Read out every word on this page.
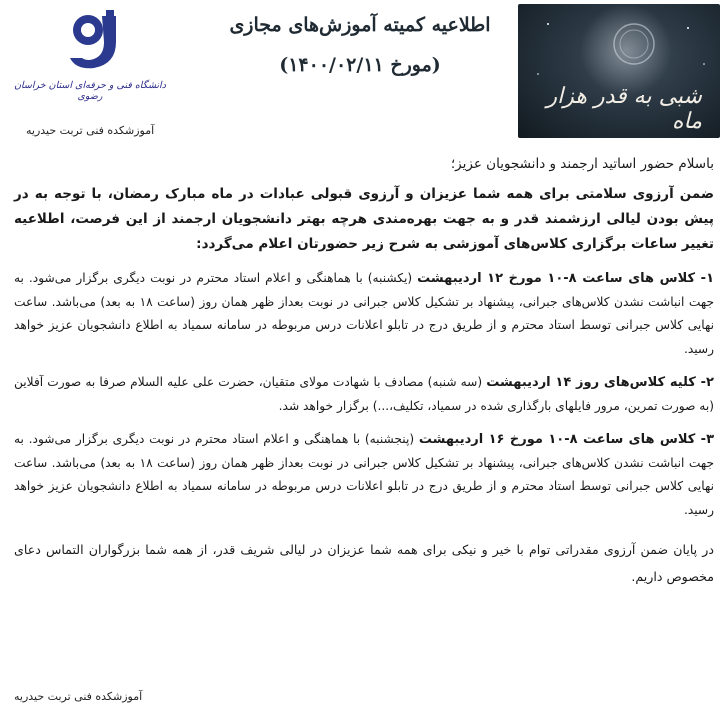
دانشگاه فنی و حرفه‌ای استان خراسان رضوی
آموزشکده فنی تربت حیدریه
اطلاعیه کمیته آموزش‌های مجازی
(مورخ ۱۴۰۰/۰۲/۱۱)
شبی به قدر هزار ماه

باسلام حضور اساتید ارجمند و دانشجویان عزیز؛

ضمن آرزوی سلامتی برای همه شما عزیزان و آرزوی قبولی عبادات در ماه مبارک رمضان، با توجه به در پیش بودن لیالی ارزشمند قدر و به جهت بهره‌مندی هرچه بهتر دانشجویان ارجمند از این فرصت، اطلاعیه تغییر ساعات برگزاری کلاس‌های آموزشی به شرح زیر حضورتان اعلام می‌گردد:

۱- کلاس های ساعت ۸-۱۰ مورخ ۱۲ اردیبهشت (یکشنبه) با هماهنگی و اعلام استاد محترم در نوبت دیگری برگزار می‌شود. به جهت انباشت نشدن کلاس‌های جبرانی، پیشنهاد بر تشکیل کلاس جبرانی در نوبت بعداز ظهر همان روز (ساعت ۱۸ به بعد) می‌باشد. ساعت نهایی کلاس جبرانی توسط استاد محترم و از طریق درج در تابلو اعلانات درس مربوطه در سامانه سمیاد به اطلاع دانشجویان عزیز خواهد رسید.

۲- کلیه کلاس‌های روز ۱۴ اردیبهشت (سه شنبه) مصادف با شهادت مولای متقیان، حضرت علی علیه السلام صرفا به صورت آفلاین (به صورت تمرین، مرور فایلهای بارگذاری شده در سمیاد، تکلیف،...) برگزار خواهد شد.

۳- کلاس های ساعت ۸-۱۰ مورخ ۱۶ اردیبهشت (پنجشنبه) با هماهنگی و اعلام استاد محترم در نوبت دیگری برگزار می‌شود. به جهت انباشت نشدن کلاس‌های جبرانی، پیشنهاد بر تشکیل کلاس جبرانی در نوبت بعداز ظهر همان روز (ساعت ۱۸ به بعد) می‌باشد. ساعت نهایی کلاس جبرانی توسط استاد محترم و از طریق درج در تابلو اعلانات درس مربوطه در سامانه سمیاد به اطلاع دانشجویان عزیز خواهد رسید.

در پایان ضمن آرزوی مقدراتی توام با خیر و نیکی برای همه شما عزیزان در لیالی شریف قدر، از همه شما بزرگواران التماس دعای مخصوص داریم.

آموزشکده فنی تربت حیدریه
